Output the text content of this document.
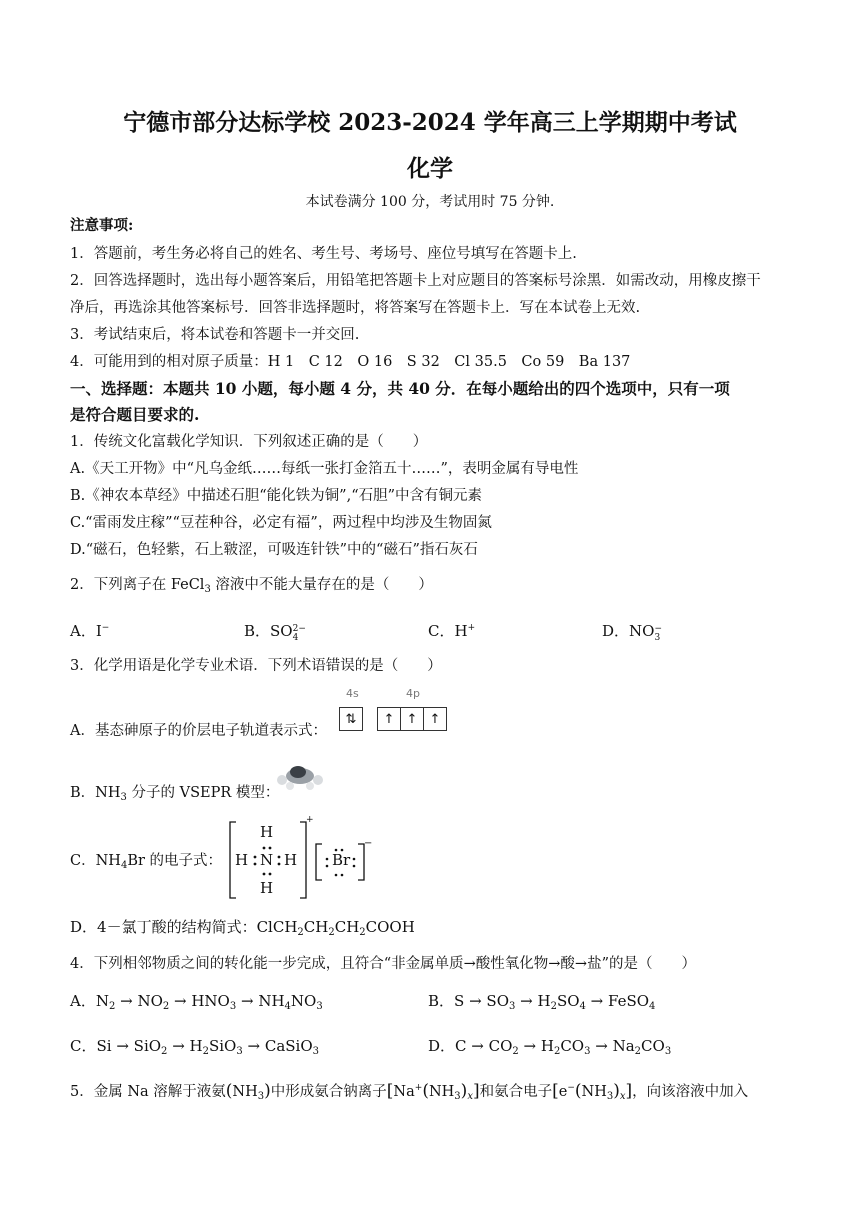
宁德市部分达标学校 2023-2024 学年高三上学期期中考试
化学
本试卷满分 100 分，考试用时 75 分钟.
注意事项:
1．答题前，考生务必将自己的姓名、考生号、考场号、座位号填写在答题卡上.
2．回答选择题时，选出每小题答案后，用铅笔把答题卡上对应题目的答案标号涂黑．如需改动，用橡皮擦干
净后，再选涂其他答案标号．回答非选择题时，将答案写在答题卡上．写在本试卷上无效.
3．考试结束后，将本试卷和答题卡一并交回.
4．可能用到的相对原子质量：H 1　C 12　O 16　S 32　Cl 35.5　Co 59　Ba 137
一、选择题：本题共 10 小题，每小题 4 分，共 40 分．在每小题给出的四个选项中，只有一项
是符合题目要求的.
1．传统文化富载化学知识．下列叙述正确的是（　　）
A.《天工开物》中“凡乌金纸……每纸一张打金箔五十……”，表明金属有导电性
B.《神农本草经》中描述石胆“能化铁为铜”,“石胆”中含有铜元素
C.“雷雨发庄稼”“豆茬种谷，必定有福”，两过程中均涉及生物固氮
D.“磁石，色轻紫，石上皲涩，可吸连针铁”中的“磁石”指石灰石
2．下列离子在 FeCl$_3$ 溶液中不能大量存在的是（　　）
A．I−	B．SO 2−
4	C．H+	D．NO −
3
3．化学用语是化学专业术语．下列术语错误的是（　　）
4s	4p
A．基态砷原子的价层电子轨道表示式：
⇅	↑ ↑ ↑
B．$NH_3$ 分子的 VSEPR 模型：
C．$NH_4Br$ 的电子式：
H
H N H
H
Br
+
−
D．4－氯丁酸的结构简式：$ClCH_2CH_2CH_2COOH$
4．下列相邻物质之间的转化能一步完成，且符合“非金属单质→酸性氧化物→酸→盐”的是（　　）
A．$N_2 \to NO_2 \to HNO_3 \to NH_4NO_3$	B．$S \to SO_3 \to H_2SO_4$ → FeSO$_4$
C．$Si \to SiO_2 \to H_2SiO_3$ → CaSiO$_3$	D．$C \to CO_2 \to H_2CO_3 \to Na_2CO_3$
5．金属 Na 溶解于液氨$(NH_3)$中形成氨合钠离子$[Na^+(NH_3)_x]$和氨合电子$[e^-(NH_3)_x]$，向该溶液中加入
